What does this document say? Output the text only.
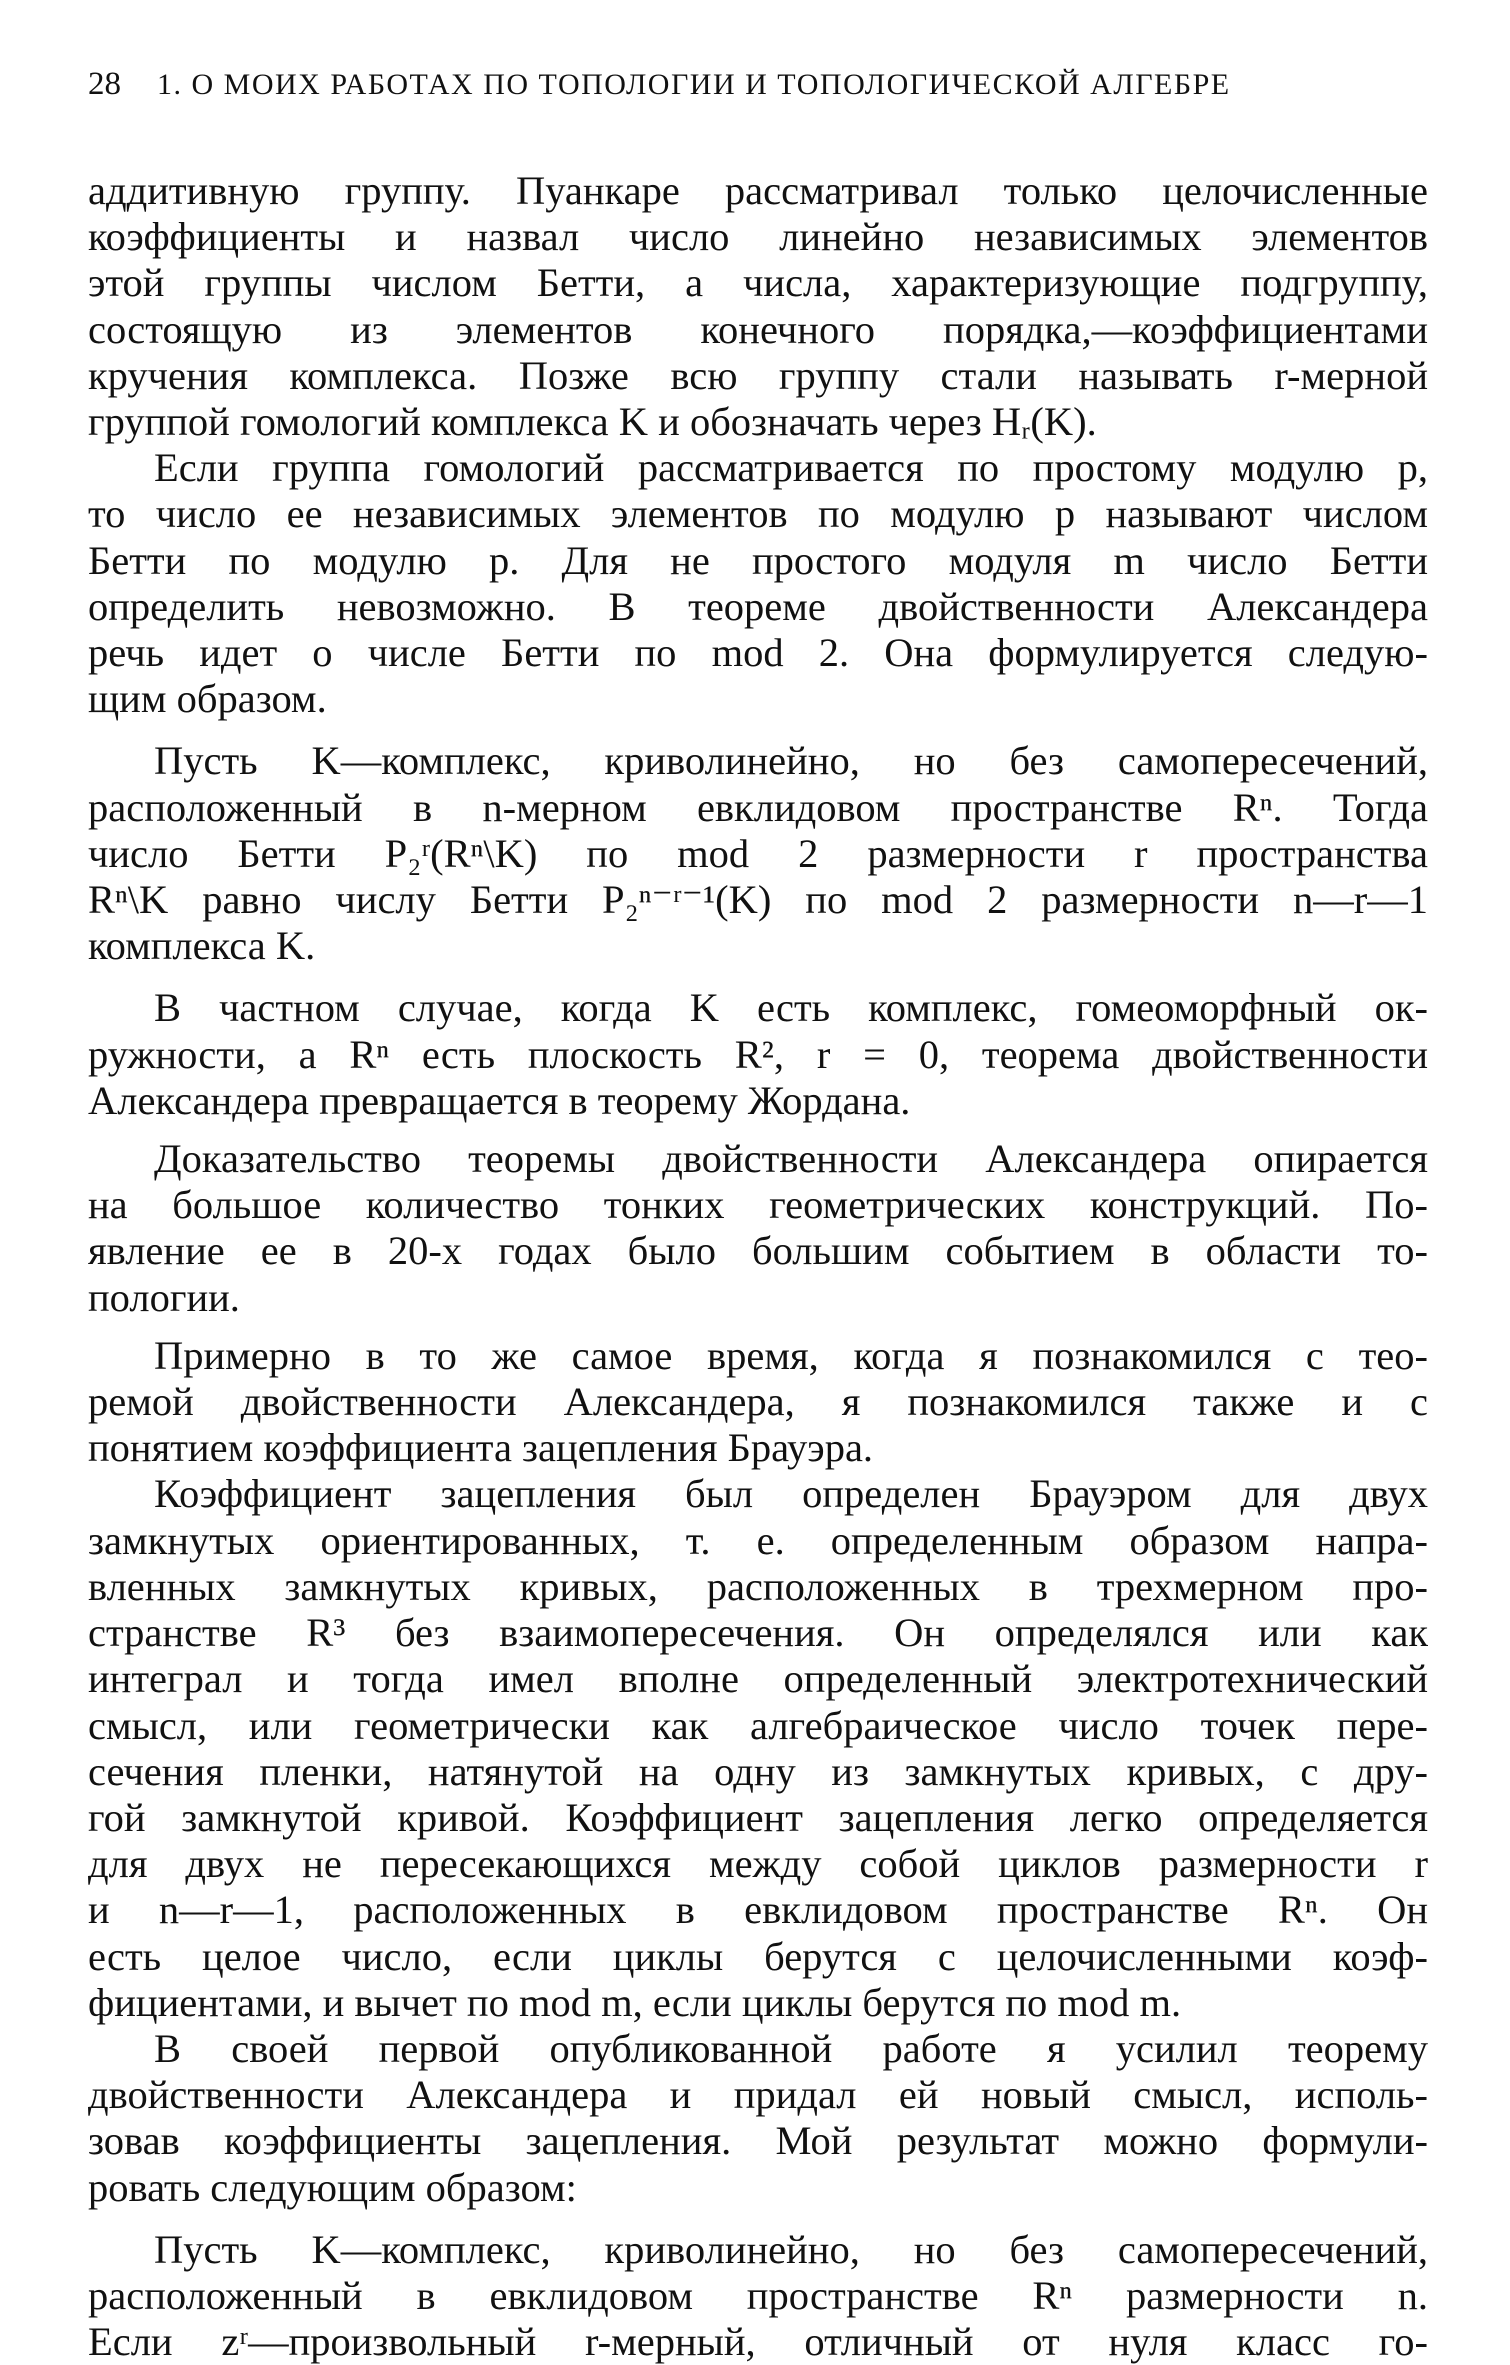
28 1. О МОИХ РАБОТАХ ПО ТОПОЛОГИИ И ТОПОЛОГИЧЕСКОЙ АЛГЕБРЕ
аддитивную группу. Пуанкаре рассматривал только целочисленные
коэффициенты и назвал число линейно независимых элементов
этой группы числом Бетти, а числа, характеризующие подгруппу,
состоящую из элементов конечного порядка,—коэффициентами
кручения комплекса. Позже всю группу стали называть r-мерной
группой гомологий комплекса K и обозначать через Hᵣ(K).
Если группа гомологий рассматривается по простому модулю p,
то число ее независимых элементов по модулю p называют числом
Бетти по модулю p. Для не простого модуля m число Бетти
определить невозможно. В теореме двойственности Александера
речь идет о числе Бетти по mod 2. Она формулируется следую-
щим образом.
Пусть K—комплекс, криволинейно, но без самопересечений,
расположенный в n-мерном евклидовом пространстве Rⁿ. Тогда
число Бетти P₂ʳ(Rⁿ\K) по mod 2 размерности r пространства
Rⁿ\K равно числу Бетти P₂ⁿ⁻ʳ⁻¹(K) по mod 2 размерности n—r—1
комплекса K.
В частном случае, когда K есть комплекс, гомеоморфный ок-
ружности, а Rⁿ есть плоскость R², r = 0, теорема двойственности
Александера превращается в теорему Жордана.
Доказательство теоремы двойственности Александера опирается
на большое количество тонких геометрических конструкций. По-
явление ее в 20-х годах было большим событием в области то-
пологии.
Примерно в то же самое время, когда я познакомился с тео-
ремой двойственности Александера, я познакомился также и с
понятием коэффициента зацепления Брауэра.
Коэффициент зацепления был определен Брауэром для двух
замкнутых ориентированных, т. е. определенным образом напра-
вленных замкнутых кривых, расположенных в трехмерном про-
странстве R³ без взаимопересечения. Он определялся или как
интеграл и тогда имел вполне определенный электротехнический
смысл, или геометрически как алгебраическое число точек пере-
сечения пленки, натянутой на одну из замкнутых кривых, с дру-
гой замкнутой кривой. Коэффициент зацепления легко определяется
для двух не пересекающихся между собой циклов размерности r
и n—r—1, расположенных в евклидовом пространстве Rⁿ. Он
есть целое число, если циклы берутся с целочисленными коэф-
фициентами, и вычет по mod m, если циклы берутся по mod m.
В своей первой опубликованной работе я усилил теорему
двойственности Александера и придал ей новый смысл, исполь-
зовав коэффициенты зацепления. Мой результат можно формули-
ровать следующим образом:
Пусть K—комплекс, криволинейно, но без самопересечений,
расположенный в евклидовом пространстве Rⁿ размерности n.
Если zʳ—произвольный r-мерный, отличный от нуля класс го-
